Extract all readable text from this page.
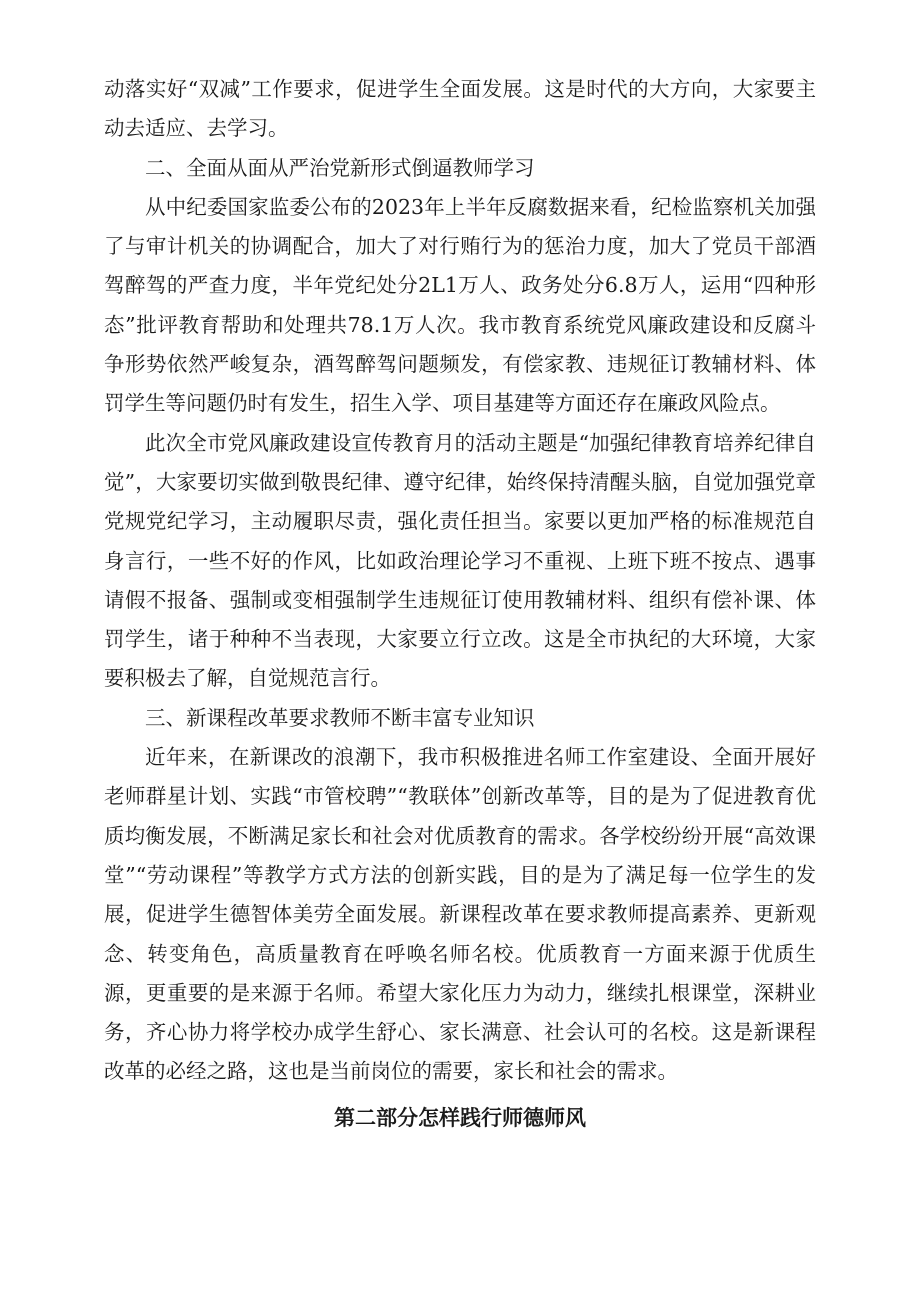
动落实好“双减”工作要求，促进学生全面发展。这是时代的大方向，大家要主动去适应、去学习。

二、全面从面从严治党新形式倒逼教师学习

从中纪委国家监委公布的2023年上半年反腐数据来看，纪检监察机关加强了与审计机关的协调配合，加大了对行贿行为的惩治力度，加大了党员干部酒驾醉驾的严查力度，半年党纪处分2L1万人、政务处分6.8万人，运用“四种形态”批评教育帮助和处理共78.1万人次。我市教育系统党风廉政建设和反腐斗争形势依然严峻复杂，酒驾醉驾问题频发，有偿家教、违规征订教辅材料、体罚学生等问题仍时有发生，招生入学、项目基建等方面还存在廉政风险点。

此次全市党风廉政建设宣传教育月的活动主题是“加强纪律教育培养纪律自觉”，大家要切实做到敬畏纪律、遵守纪律，始终保持清醒头脑，自觉加强党章党规党纪学习，主动履职尽责，强化责任担当。家要以更加严格的标准规范自身言行，一些不好的作风，比如政治理论学习不重视、上班下班不按点、遇事请假不报备、强制或变相强制学生违规征订使用教辅材料、组织有偿补课、体罚学生，诸于种种不当表现，大家要立行立改。这是全市执纪的大环境，大家要积极去了解，自觉规范言行。

三、新课程改革要求教师不断丰富专业知识

近年来，在新课改的浪潮下，我市积极推进名师工作室建设、全面开展好老师群星计划、实践“市管校聘”“教联体”创新改革等，目的是为了促进教育优质均衡发展，不断满足家长和社会对优质教育的需求。各学校纷纷开展“高效课堂”“劳动课程”等教学方式方法的创新实践，目的是为了满足每一位学生的发展，促进学生德智体美劳全面发展。新课程改革在要求教师提高素养、更新观念、转变角色，高质量教育在呼唤名师名校。优质教育一方面来源于优质生源，更重要的是来源于名师。希望大家化压力为动力，继续扎根课堂，深耕业务，齐心协力将学校办成学生舒心、家长满意、社会认可的名校。这是新课程改革的必经之路，这也是当前岗位的需要，家长和社会的需求。

第二部分怎样践行师德师风
